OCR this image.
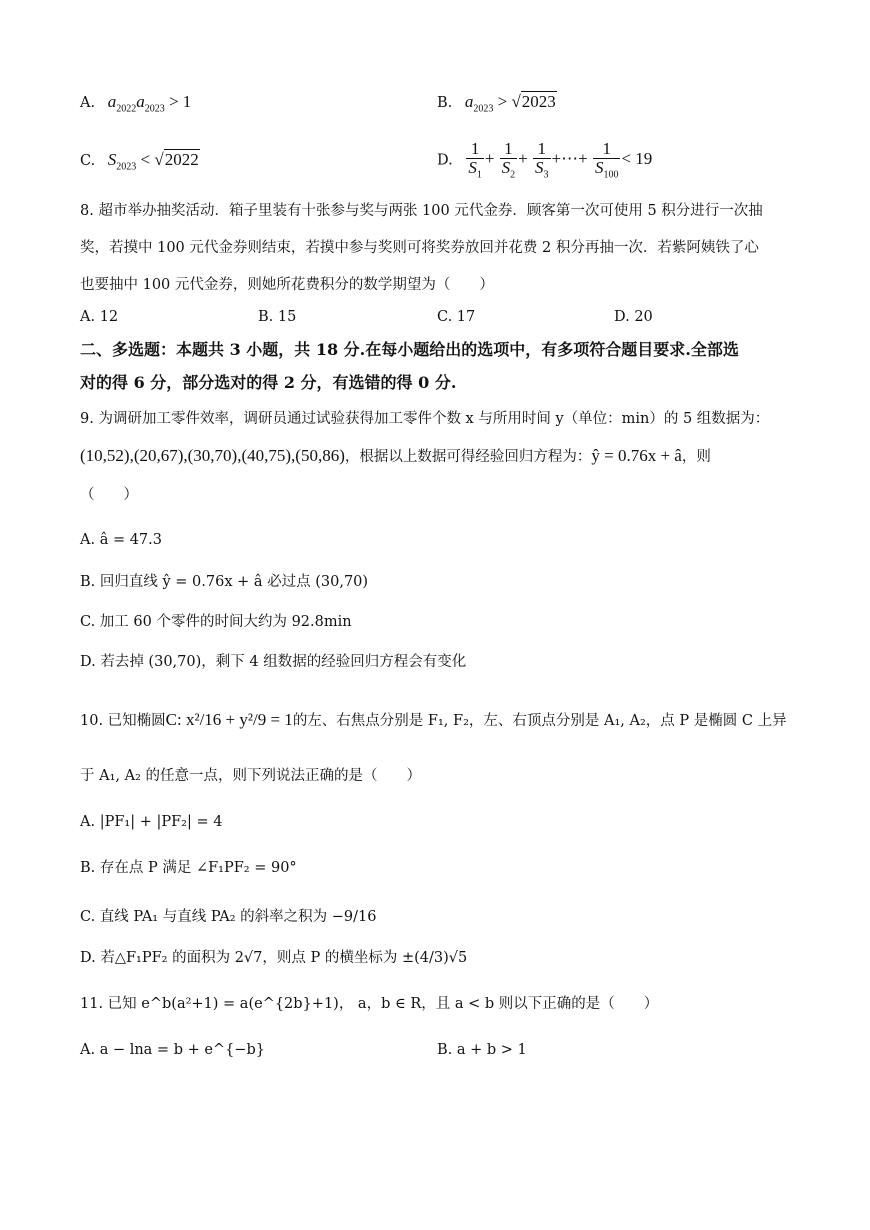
A. $a_{2022}a_{2023} > 1$	B. $a_{2023} > √2023$
C. $S_{2023} < √2022$	D. $\frac{1}{S_1} + \frac{1}{S_2} + \frac{1}{S_3}$ +⋯+ $\frac{1}{S_{100}} < 19$
8. 超市举办抽奖活动．箱子里装有十张参与奖与两张 100 元代金券．顾客第一次可使用 5 积分进行一次抽
奖，若摸中 100 元代金券则结束，若摸中参与奖则可将奖券放回并花费 2 积分再抽一次．若紫阿姨铁了心
也要抽中 100 元代金券，则她所花费积分的数学期望为（　　）
A. 12	B. 15	C. 17	D. 20
二、多选题：本题共 3 小题，共 18 分.在每小题给出的选项中，有多项符合题目要求.全部选
对的得 6 分，部分选对的得 2 分，有选错的得 0 分.
9. 为调研加工零件效率，调研员通过试验获得加工零件个数 x 与所用时间 y（单位：min）的 5 组数据为：
(10,52),(20,67),(30,70),(40,75),(50,86)，根据以上数据可得经验回归方程为：ŷ = 0.76x + â，则
（　　）
A. â = 47.3
B. 回归直线 ŷ = 0.76x + â 必过点 (30,70)
C. 加工 60 个零件的时间大约为 92.8min
D. 若去掉 (30,70)，剩下 4 组数据的经验回归方程会有变化
10. 已知椭圆C: x²/16 + y²/9 = 1的左、右焦点分别是 F₁, F₂，左、右顶点分别是 A₁, A₂，点 P 是椭圆 C 上异
于 A₁, A₂ 的任意一点，则下列说法正确的是（　　）
A. |PF₁| + |PF₂| = 4
B. 存在点 P 满足 ∠F₁PF₂ = 90°
C. 直线 PA₁ 与直线 PA₂ 的斜率之积为 −9/16
D. 若△F₁PF₂ 的面积为 2√7，则点 P 的横坐标为 ±(4/3)√5
11. 已知 e^b(a²+1) = a(e^{2b}+1)， a，b ∈ R，且 a < b 则以下正确的是（　　）
A. a − lna = b + e^{−b}	B. a + b > 1
